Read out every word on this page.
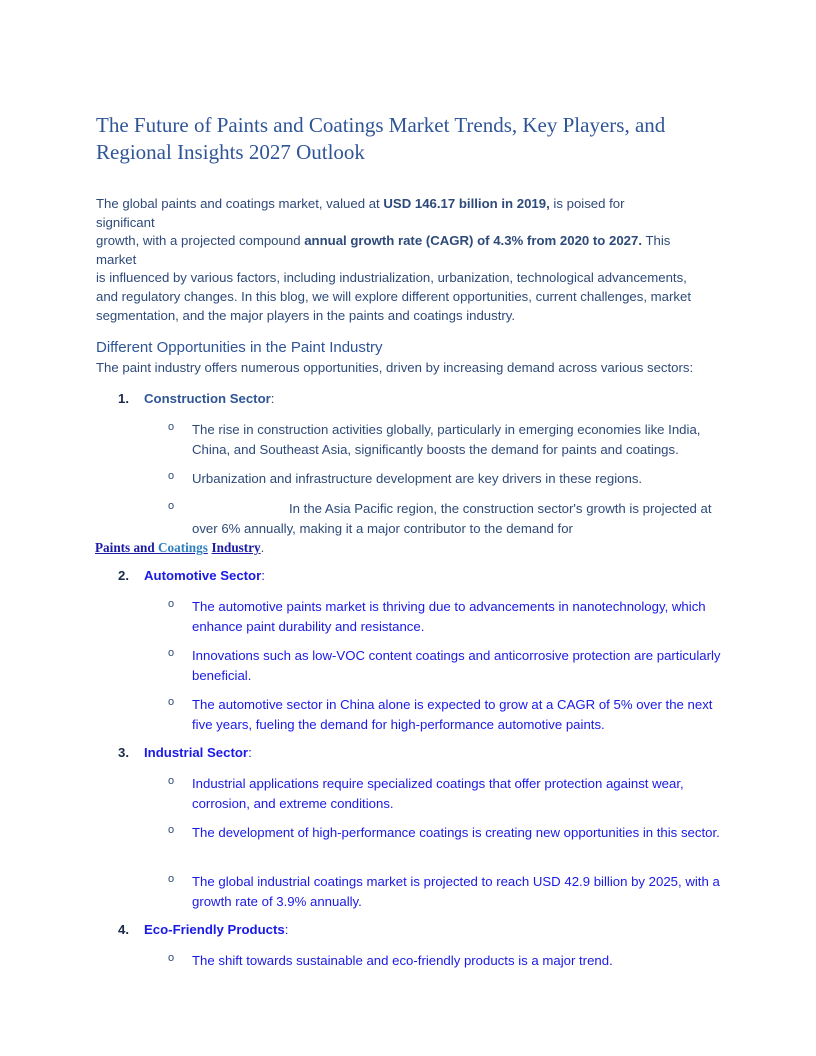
The Future of Paints and Coatings Market Trends, Key Players, and Regional Insights 2027 Outlook
The global paints and coatings market, valued at USD 146.17 billion in 2019, is poised for
significant
growth, with a projected compound annual growth rate (CAGR) of 4.3% from 2020 to 2027. This
market
is influenced by various factors, including industrialization, urbanization, technological advancements,
and regulatory changes. In this blog, we will explore different opportunities, current challenges, market
segmentation, and the major players in the paints and coatings industry.
Different Opportunities in the Paint Industry
The paint industry offers numerous opportunities, driven by increasing demand across various sectors:
1. Construction Sector:
o The rise in construction activities globally, particularly in emerging economies like India, China, and Southeast Asia, significantly boosts the demand for paints and coatings.
o Urbanization and infrastructure development are key drivers in these regions.
o	In the Asia Pacific region, the construction sector's growth is projected at over 6% annually, making it a major contributor to the demand for
Paints and Coatings Industry.
2. Automotive Sector:
o The automotive paints market is thriving due to advancements in nanotechnology, which enhance paint durability and resistance.
o Innovations such as low-VOC content coatings and anticorrosive protection are particularly beneficial.
o The automotive sector in China alone is expected to grow at a CAGR of 5% over the next five years, fueling the demand for high-performance automotive paints.
3. Industrial Sector:
o Industrial applications require specialized coatings that offer protection against wear, corrosion, and extreme conditions.
o The development of high-performance coatings is creating new opportunities in this sector.
o The global industrial coatings market is projected to reach USD 42.9 billion by 2025, with a growth rate of 3.9% annually.
4. Eco-Friendly Products:
o The shift towards sustainable and eco-friendly products is a major trend.
